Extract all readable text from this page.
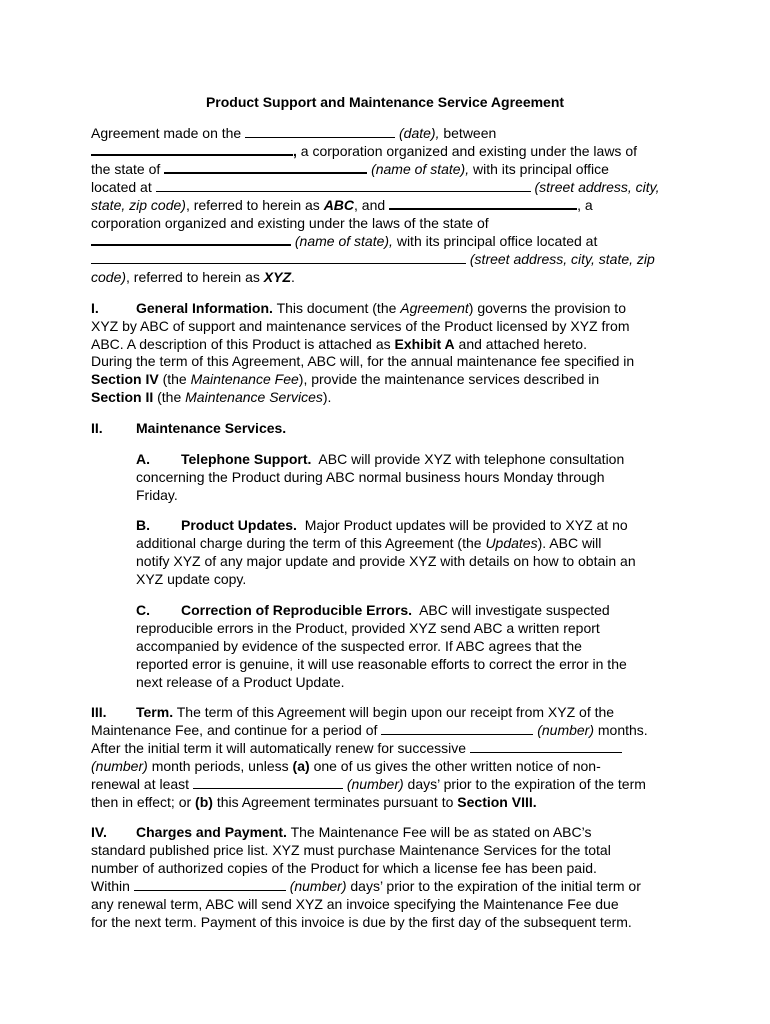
Product Support and Maintenance Service Agreement
Agreement made on the	(date), between
, a corporation organized and existing under the laws of
the state of	(name of state), with its principal office
located at	(street address, city,
state, zip code), referred to herein as ABC, and	, a
corporation organized and existing under the laws of the state of
(name of state), with its principal office located at
(street address, city, state, zip
code), referred to herein as XYZ.
I.	General Information. This document (the Agreement) governs the provision to
XYZ by ABC of support and maintenance services of the Product licensed by XYZ from
ABC. A description of this Product is attached as Exhibit A and attached hereto.
During the term of this Agreement, ABC will, for the annual maintenance fee specified in
Section IV (the Maintenance Fee), provide the maintenance services described in
Section II (the Maintenance Services).
II. Maintenance Services.
A. Telephone Support. ABC will provide XYZ with telephone consultation
concerning the Product during ABC normal business hours Monday through
Friday.
B. Product Updates. Major Product updates will be provided to XYZ at no
additional charge during the term of this Agreement (the Updates). ABC will
notify XYZ of any major update and provide XYZ with details on how to obtain an
XYZ update copy.
C. Correction of Reproducible Errors. ABC will investigate suspected
reproducible errors in the Product, provided XYZ send ABC a written report
accompanied by evidence of the suspected error. If ABC agrees that the
reported error is genuine, it will use reasonable efforts to correct the error in the
next release of a Product Update.
III. Term. The term of this Agreement will begin upon our receipt from XYZ of the
Maintenance Fee, and continue for a period of	(number) months.
After the initial term it will automatically renew for successive
(number) month periods, unless (a) one of us gives the other written notice of non-
renewal at least	(number) days’ prior to the expiration of the term
then in effect; or (b) this Agreement terminates pursuant to Section VIII.
IV. Charges and Payment. The Maintenance Fee will be as stated on ABC’s
standard published price list. XYZ must purchase Maintenance Services for the total
number of authorized copies of the Product for which a license fee has been paid.
Within	(number) days’ prior to the expiration of the initial term or
any renewal term, ABC will send XYZ an invoice specifying the Maintenance Fee due
for the next term. Payment of this invoice is due by the first day of the subsequent term.
